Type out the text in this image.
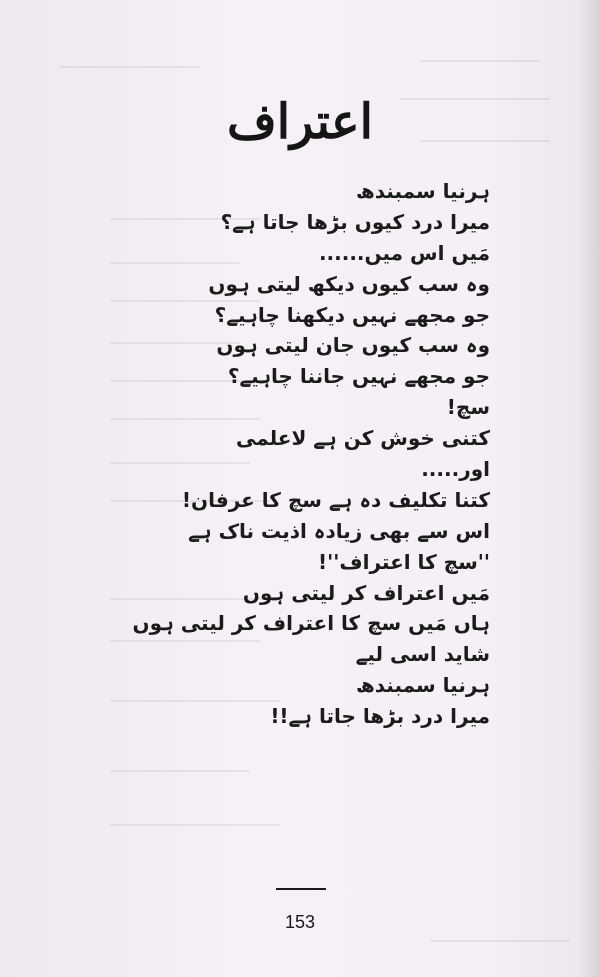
اعتراف
ہرنیا سمبندھ
میرا درد کیوں بڑھا جاتا ہے؟
مَیں اس میں......
وہ سب کیوں دیکھ لیتی ہوں
جو مجھے نہیں دیکھنا چاہیے؟
وہ سب کیوں جان لیتی ہوں
جو مجھے نہیں جاننا چاہیے؟
سچ!
کتنی خوش کن ہے لاعلمی
اور.....
کتنا تکلیف دہ ہے سچ کا عرفان!
اس سے بھی زیادہ اذیت ناک ہے
''سچ کا اعتراف''!
مَیں اعتراف کر لیتی ہوں
ہاں مَیں سچ کا اعتراف کر لیتی ہوں
شاید اسی لیے
ہرنیا سمبندھ
میرا درد بڑھا جاتا ہے!!
153
